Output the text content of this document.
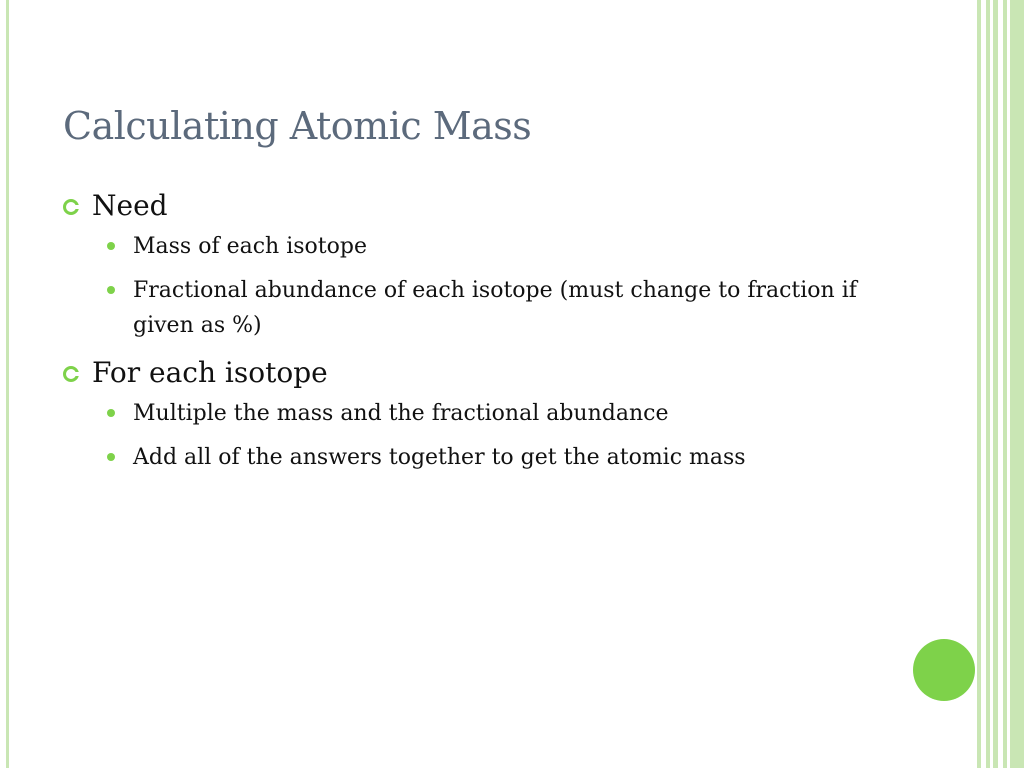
Calculating Atomic Mass
Need
Mass of each isotope
Fractional abundance of each isotope (must change to fraction if given as %)
For each isotope
Multiple the mass and the fractional abundance
Add all of the answers together to get the atomic mass
